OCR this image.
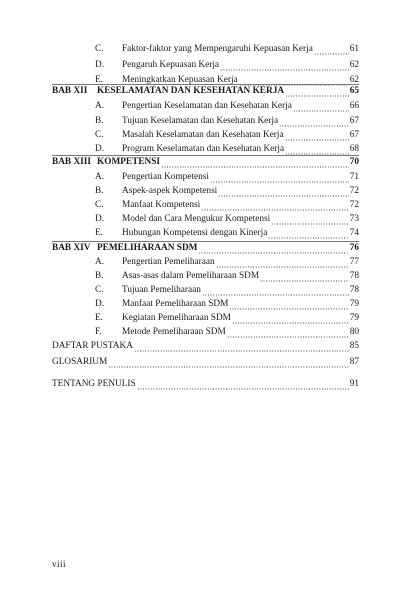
C.	Faktor-faktor yang Mempengaruhi Kepuasan Kerja	61
D.	Pengaruh Kepuasan Kerja	62
E.	Meningkatkan Kepuasan Kerja	62
BAB XII	KESELAMATAN DAN KESEHATAN KERJA	65
A.	Pengertian Keselamatan dan Kesehatan Kerja	66
B.	Tujuan Keselamatan dan Kesehatan Kerja	67
C.	Masalah Keselamatan dan Kesehatan Kerja	67
D.	Program Keselamatan dan Kesehatan Kerja	68
BAB XIII KOMPETENSI	70
A.	Pengertian Kompetensi	71
B.	Aspek-aspek Kompetensi	72
C.	Manfaat Kompetensi	72
D.	Model dan Cara Mengukur Kompetensi	73
E.	Hubungan Kompetensi dengan Kinerja	74
BAB XIV PEMELIHARAAN SDM	76
A.	Pengertian Pemeliharaan	77
B.	Asas-asas dalam Pemeliharaan SDM	78
C.	Tujuan Pemeliharaan	78
D.	Manfaat Pemeliharaan SDM	79
E.	Kegiatan Pemeliharaan SDM	79
F.	Metode Pemeliharaan SDM	80
DAFTAR PUSTAKA	85
GLOSARIUM	87
TENTANG PENULIS	91
viii
